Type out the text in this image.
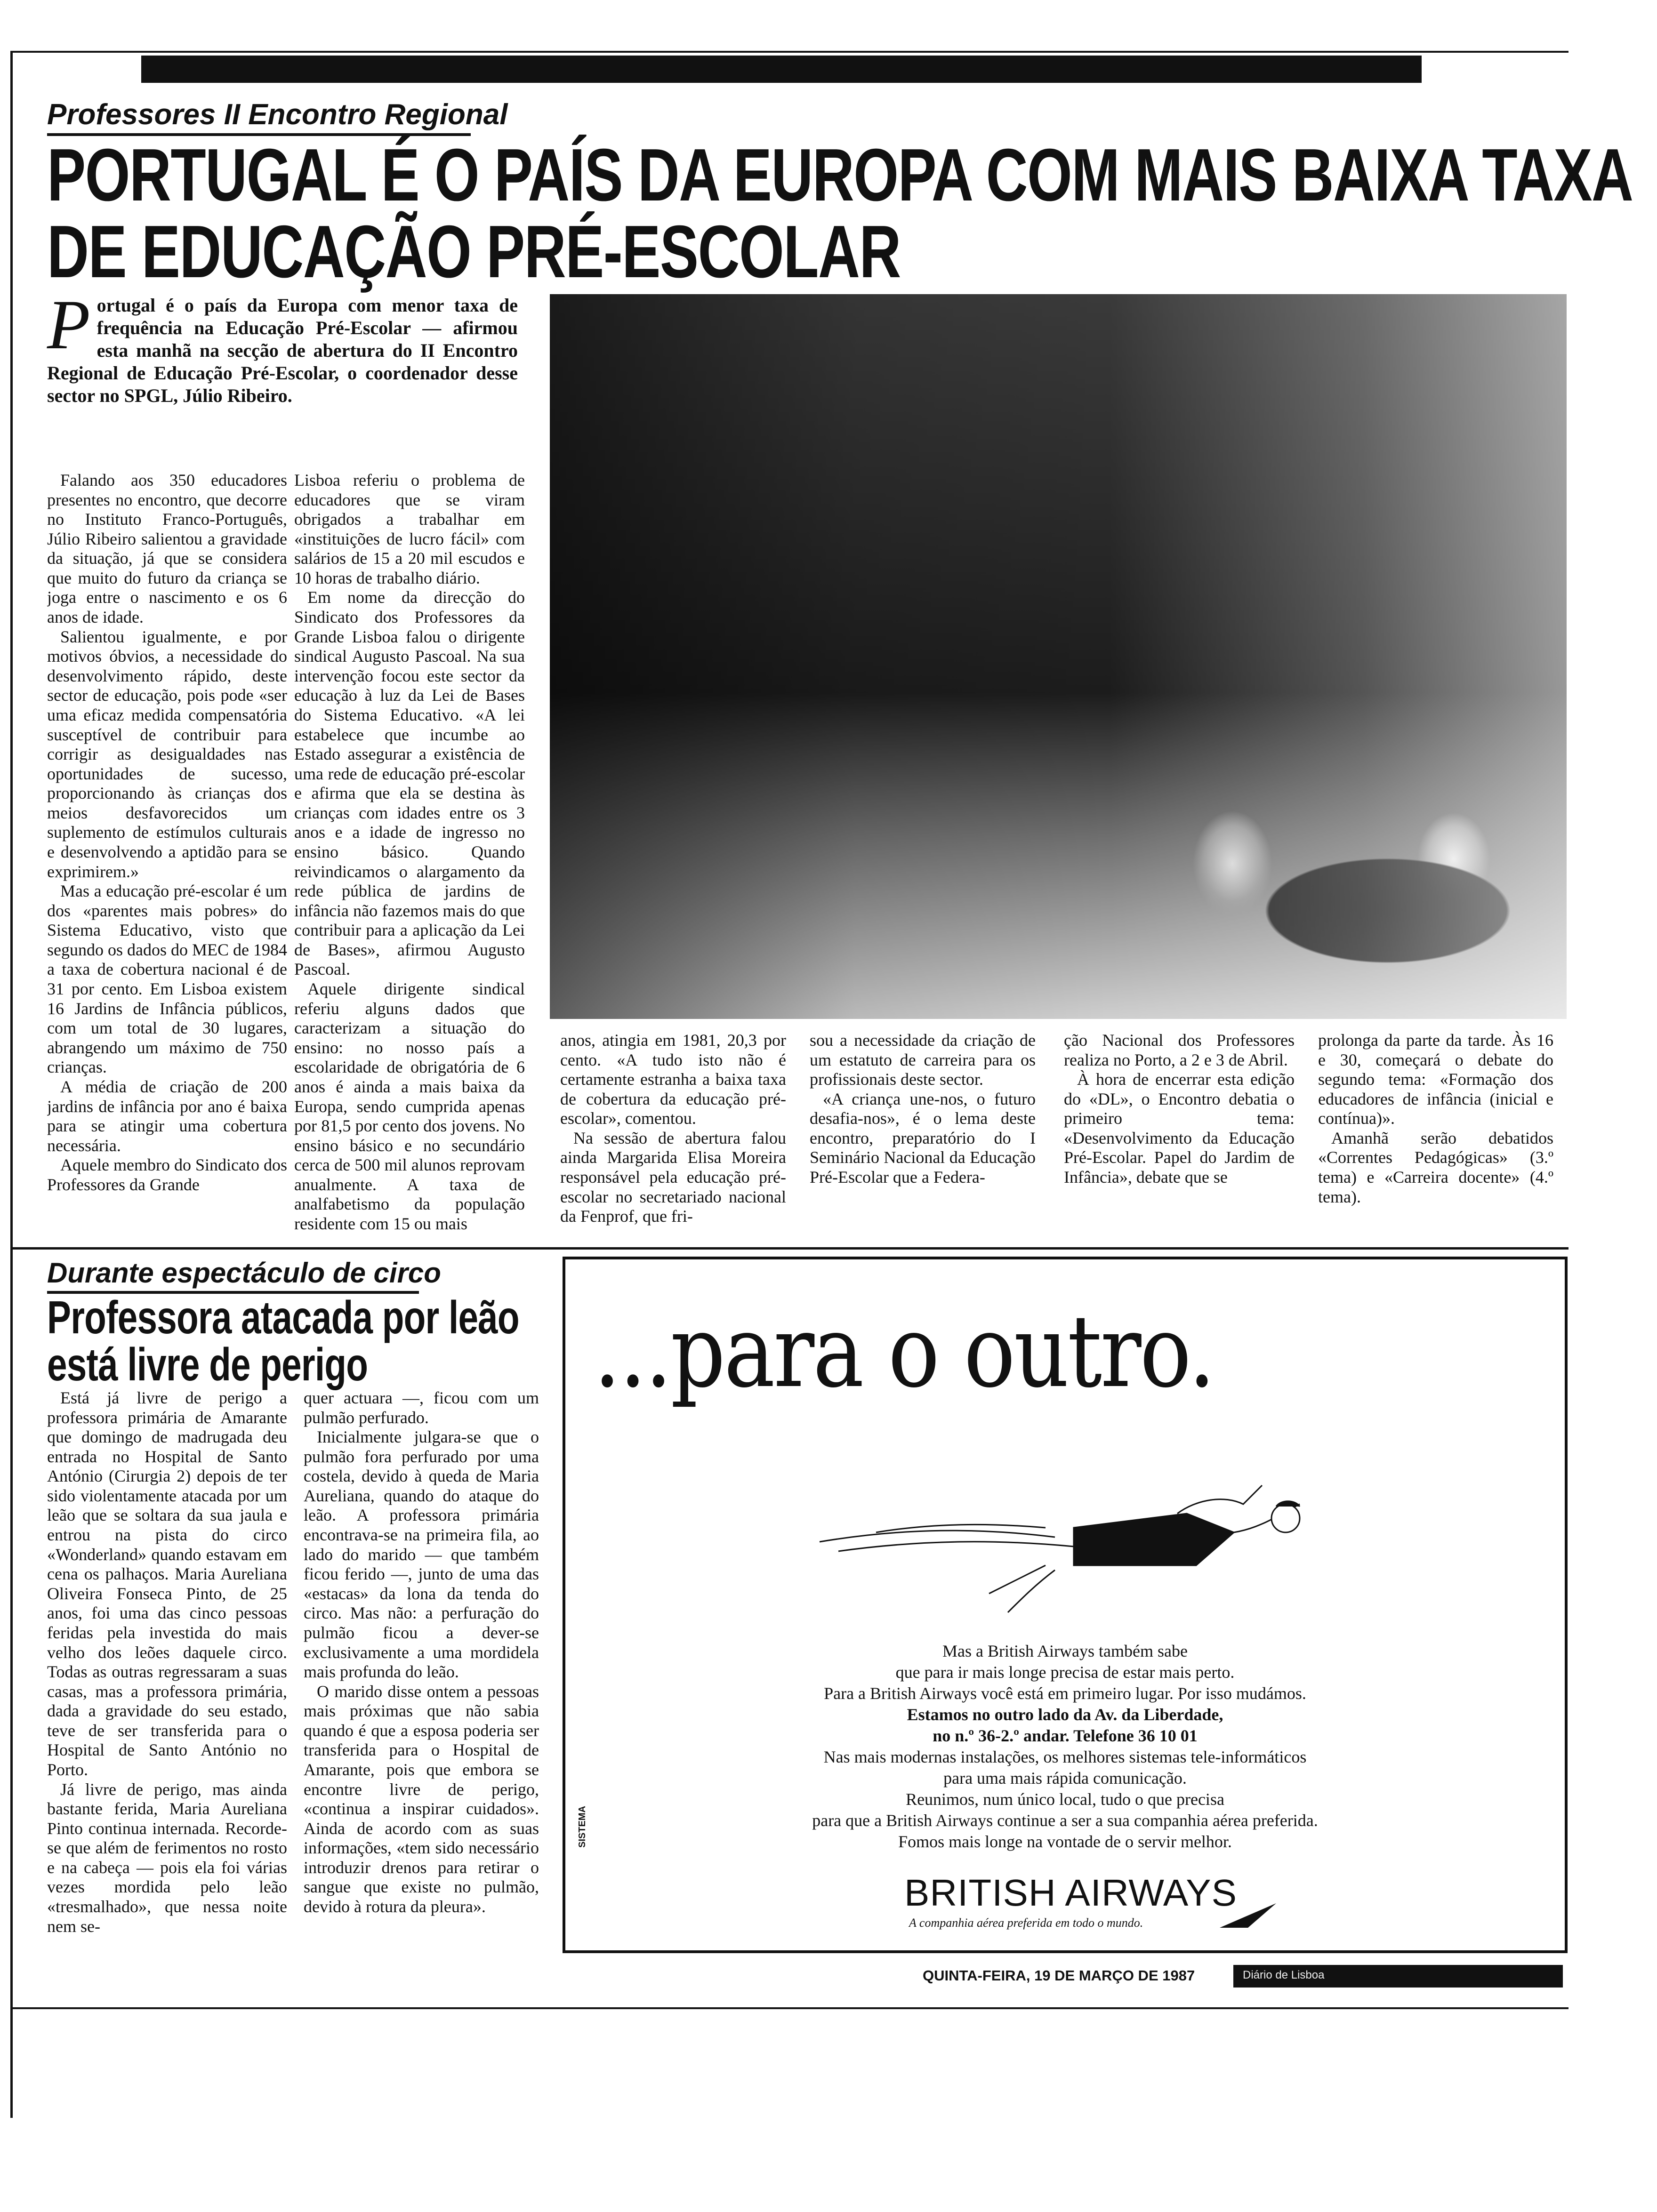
Professores II Encontro Regional
PORTUGAL É O PAÍS DA EUROPA COM MAIS BAIXA TAXA
DE EDUCAÇÃO PRÉ-ESCOLAR
P ortugal é o país da Europa com menor taxa de frequência na Educação Pré-Escolar — afirmou esta manhã na secção de abertura do II Encontro Regional de Educação Pré-Escolar, o coordenador desse sector no SPGL, Júlio Ribeiro.

Falando aos 350 educadores presentes no encontro, que decorre no Instituto Franco-Português, Júlio Ribeiro salientou a gravidade da situação, já que se considera que muito do futuro da criança se joga entre o nascimento e os 6 anos de idade.

Salientou igualmente, e por motivos óbvios, a necessidade do desenvolvimento rápido, deste sector de educação, pois pode «ser uma eficaz medida compensatória susceptível de contribuir para corrigir as desigualdades nas oportunidades de sucesso, proporcionando às crianças dos meios desfavorecidos um suplemento de estímulos culturais e desenvolvendo a aptidão para se exprimirem.»

Mas a educação pré-escolar é um dos «parentes mais pobres» do Sistema Educativo, visto que segundo os dados do MEC de 1984 a taxa de cobertura nacional é de 31 por cento. Em Lisboa existem 16 Jardins de Infância públicos, com um total de 30 lugares, abrangendo um máximo de 750 crianças.

A média de criação de 200 jardins de infância por ano é baixa para se atingir uma cobertura necessária.

Aquele membro do Sindicato dos Professores da Grande

Lisboa referiu o problema de educadores que se viram obrigados a trabalhar em «instituições de lucro fácil» com salários de 15 a 20 mil escudos e 10 horas de trabalho diário.

Em nome da direcção do Sindicato dos Professores da Grande Lisboa falou o dirigente sindical Augusto Pascoal. Na sua intervenção focou este sector da educação à luz da Lei de Bases do Sistema Educativo. «A lei estabelece que incumbe ao Estado assegurar a existência de uma rede de educação pré-escolar e afirma que ela se destina às crianças com idades entre os 3 anos e a idade de ingresso no ensino básico. Quando reivindicamos o alargamento da rede pública de jardins de infância não fazemos mais do que contribuir para a aplicação da Lei de Bases», afirmou Augusto Pascoal.

Aquele dirigente sindical referiu alguns dados que caracterizam a situação do ensino: no nosso país a escolaridade de obrigatória de 6 anos é ainda a mais baixa da Europa, sendo cumprida apenas por 81,5 por cento dos jovens. No ensino básico e no secundário cerca de 500 mil alunos reprovam anualmente. A taxa de analfabetismo da população residente com 15 ou mais

anos, atingia em 1981, 20,3 por cento. «A tudo isto não é certamente estranha a baixa taxa de cobertura da educação pré-escolar», comentou.

Na sessão de abertura falou ainda Margarida Elisa Moreira responsável pela educação pré-escolar no secretariado nacional da Fenprof, que fri-

sou a necessidade da criação de um estatuto de carreira para os profissionais deste sector.

«A criança une-nos, o futuro desafia-nos», é o lema deste encontro, preparatório do I Seminário Nacional da Educação Pré-Escolar que a Federa-

ção Nacional dos Professores realiza no Porto, a 2 e 3 de Abril.

À hora de encerrar esta edição do «DL», o Encontro debatia o primeiro tema: «Desenvolvimento da Educação Pré-Escolar. Papel do Jardim de Infância», debate que se

prolonga da parte da tarde. Às 16 e 30, começará o debate do segundo tema: «Formação dos educadores de infância (inicial e contínua)».

Amanhã serão debatidos «Correntes Pedagógicas» (3.º tema) e «Carreira docente» (4.º tema).

Durante espectáculo de circo
Professora atacada por leão
está livre de perigo

Está já livre de perigo a professora primária de Amarante que domingo de madrugada deu entrada no Hospital de Santo António (Cirurgia 2) depois de ter sido violentamente atacada por um leão que se soltara da sua jaula e entrou na pista do circo «Wonderland» quando estavam em cena os palhaços. Maria Aureliana Oliveira Fonseca Pinto, de 25 anos, foi uma das cinco pessoas feridas pela investida do mais velho dos leões daquele circo. Todas as outras regressaram a suas casas, mas a professora primária, dada a gravidade do seu estado, teve de ser transferida para o Hospital de Santo António no Porto.

Já livre de perigo, mas ainda bastante ferida, Maria Aureliana Pinto continua internada. Recorde-se que além de ferimentos no rosto e na cabeça — pois ela foi várias vezes mordida pelo leão «tresmalhado», que nessa noite nem se-

quer actuara —, ficou com um pulmão perfurado.

Inicialmente julgara-se que o pulmão fora perfurado por uma costela, devido à queda de Maria Aureliana, quando do ataque do leão. A professora primária encontrava-se na primeira fila, ao lado do marido — que também ficou ferido —, junto de uma das «estacas» da lona da tenda do circo. Mas não: a perfuração do pulmão ficou a dever-se exclusivamente a uma mordidela mais profunda do leão.

O marido disse ontem a pessoas mais próximas que não sabia quando é que a esposa poderia ser transferida para o Hospital de Amarante, pois que embora se encontre livre de perigo, «continua a inspirar cuidados». Ainda de acordo com as suas informações, «tem sido necessário introduzir drenos para retirar o sangue que existe no pulmão, devido à rotura da pleura».

...para o outro.
SISTEMA

Mas a British Airways também sabe

que para ir mais longe precisa de estar mais perto.

Para a British Airways você está em primeiro lugar. Por isso mudámos.

Estamos no outro lado da Av. da Liberdade,

no n.º 36-2.º andar. Telefone 36 10 01

Nas mais modernas instalações, os melhores sistemas tele-informáticos

para uma mais rápida comunicação.

Reunimos, num único local, tudo o que precisa

para que a British Airways continue a ser a sua companhia aérea preferida.

Fomos mais longe na vontade de o servir melhor.

BRITISH AIRWAYS
A companhia aérea preferida em todo o mundo.
QUINTA-FEIRA, 19 DE MARÇO DE 1987	Diário de Lisboa
